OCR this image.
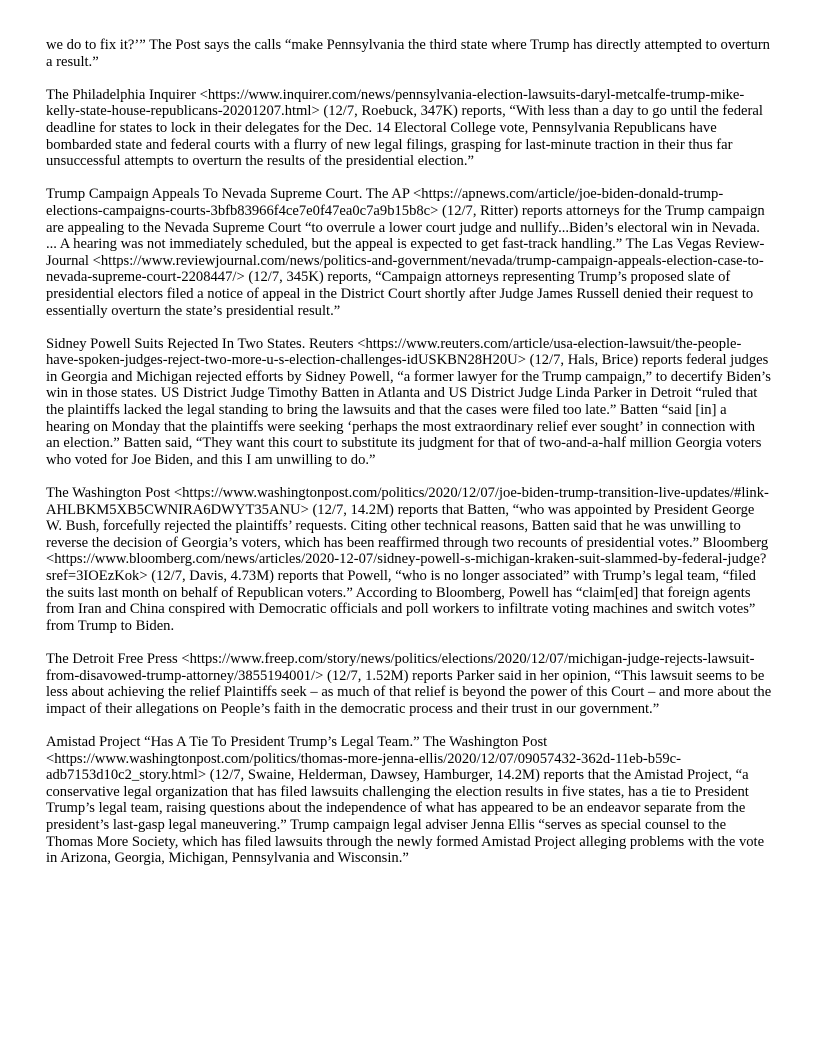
we do to fix it?’” The Post says the calls “make Pennsylvania the third state where Trump has directly attempted to overturn a result.”

The Philadelphia Inquirer <https://www.inquirer.com/news/pennsylvania-election-lawsuits-daryl-metcalfe-trump-mike-kelly-state-house-republicans-20201207.html> (12/7, Roebuck, 347K) reports, “With less than a day to go until the federal deadline for states to lock in their delegates for the Dec. 14 Electoral College vote, Pennsylvania Republicans have bombarded state and federal courts with a flurry of new legal filings, grasping for last-minute traction in their thus far unsuccessful attempts to overturn the results of the presidential election.”

Trump Campaign Appeals To Nevada Supreme Court. The AP <https://apnews.com/article/joe-biden-donald-trump-elections-campaigns-courts-3bfb83966f4ce7e0f47ea0c7a9b15b8c> (12/7, Ritter) reports attorneys for the Trump campaign are appealing to the Nevada Supreme Court “to overrule a lower court judge and nullify...Biden’s electoral win in Nevada. ... A hearing was not immediately scheduled, but the appeal is expected to get fast-track handling.” The Las Vegas Review-Journal <https://www.reviewjournal.com/news/politics-and-government/nevada/trump-campaign-appeals-election-case-to-nevada-supreme-court-2208447/> (12/7, 345K) reports, “Campaign attorneys representing Trump’s proposed slate of presidential electors filed a notice of appeal in the District Court shortly after Judge James Russell denied their request to essentially overturn the state’s presidential result.”

Sidney Powell Suits Rejected In Two States. Reuters <https://www.reuters.com/article/usa-election-lawsuit/the-people-have-spoken-judges-reject-two-more-u-s-election-challenges-idUSKBN28H20U> (12/7, Hals, Brice) reports federal judges in Georgia and Michigan rejected efforts by Sidney Powell, “a former lawyer for the Trump campaign,” to decertify Biden’s win in those states. US District Judge Timothy Batten in Atlanta and US District Judge Linda Parker in Detroit “ruled that the plaintiffs lacked the legal standing to bring the lawsuits and that the cases were filed too late.” Batten “said [in] a hearing on Monday that the plaintiffs were seeking ‘perhaps the most extraordinary relief ever sought’ in connection with an election.” Batten said, “They want this court to substitute its judgment for that of two-and-a-half million Georgia voters who voted for Joe Biden, and this I am unwilling to do.”

The Washington Post <https://www.washingtonpost.com/politics/2020/12/07/joe-biden-trump-transition-live-updates/#link-AHLBKM5XB5CWNIRA6DWYT35ANU> (12/7, 14.2M) reports that Batten, “who was appointed by President George W. Bush, forcefully rejected the plaintiffs’ requests. Citing other technical reasons, Batten said that he was unwilling to reverse the decision of Georgia’s voters, which has been reaffirmed through two recounts of presidential votes.” Bloomberg <https://www.bloomberg.com/news/articles/2020-12-07/sidney-powell-s-michigan-kraken-suit-slammed-by-federal-judge?sref=3IOEzKok> (12/7, Davis, 4.73M) reports that Powell, “who is no longer associated” with Trump’s legal team, “filed the suits last month on behalf of Republican voters.” According to Bloomberg, Powell has “claim[ed] that foreign agents from Iran and China conspired with Democratic officials and poll workers to infiltrate voting machines and switch votes” from Trump to Biden.

The Detroit Free Press <https://www.freep.com/story/news/politics/elections/2020/12/07/michigan-judge-rejects-lawsuit-from-disavowed-trump-attorney/3855194001/> (12/7, 1.52M) reports Parker said in her opinion, “This lawsuit seems to be less about achieving the relief Plaintiffs seek – as much of that relief is beyond the power of this Court – and more about the impact of their allegations on People’s faith in the democratic process and their trust in our government.”

Amistad Project “Has A Tie To President Trump’s Legal Team.” The Washington Post <https://www.washingtonpost.com/politics/thomas-more-jenna-ellis/2020/12/07/09057432-362d-11eb-b59c-adb7153d10c2_story.html> (12/7, Swaine, Helderman, Dawsey, Hamburger, 14.2M) reports that the Amistad Project, “a conservative legal organization that has filed lawsuits challenging the election results in five states, has a tie to President Trump’s legal team, raising questions about the independence of what has appeared to be an endeavor separate from the president’s last-gasp legal maneuvering.” Trump campaign legal adviser Jenna Ellis “serves as special counsel to the Thomas More Society, which has filed lawsuits through the newly formed Amistad Project alleging problems with the vote in Arizona, Georgia, Michigan, Pennsylvania and Wisconsin.”
